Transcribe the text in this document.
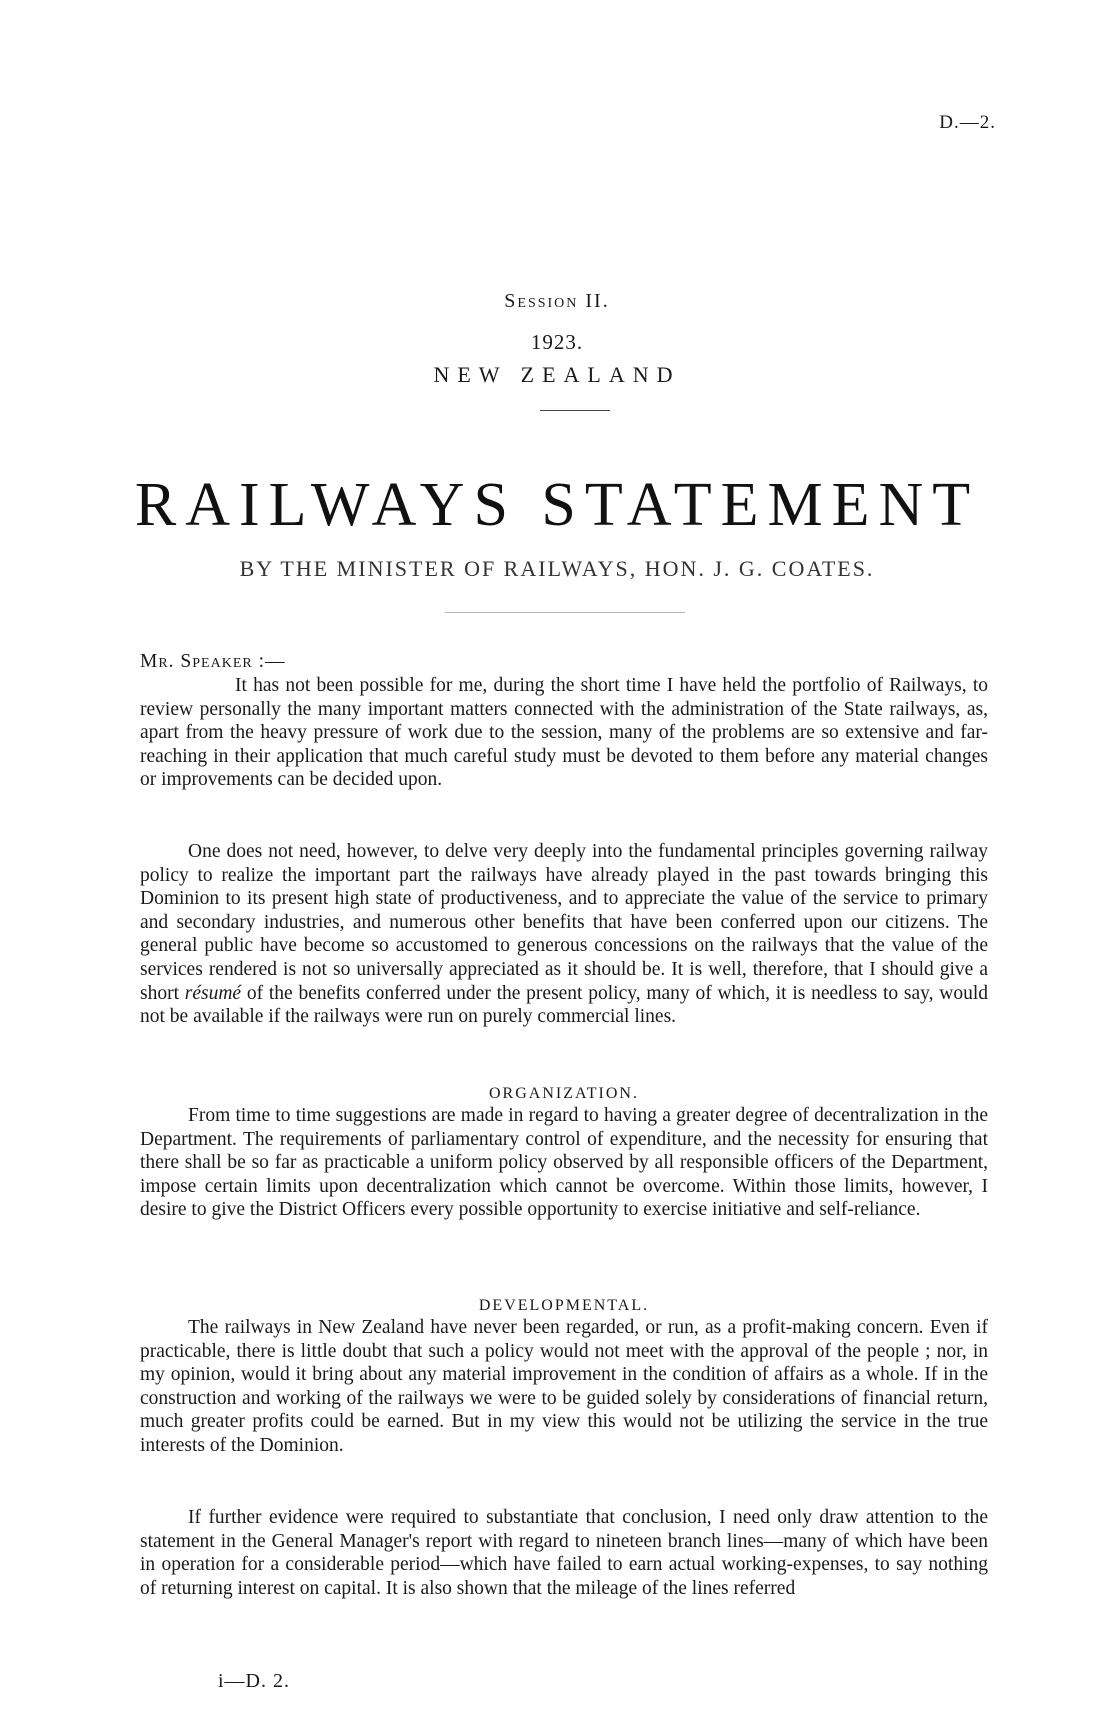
D.—2.
Session II.
1923.
NEW ZEALAND
RAILWAYS STATEMENT
BY THE MINISTER OF RAILWAYS, HON. J. G. COATES.
Mr. Speaker :—
It has not been possible for me, during the short time I have held the portfolio of Railways, to review personally the many important matters connected with the administration of the State railways, as, apart from the heavy pressure of work due to the session, many of the problems are so extensive and far-reaching in their application that much careful study must be devoted to them before any material changes or improvements can be decided upon.
One does not need, however, to delve very deeply into the fundamental principles governing railway policy to realize the important part the railways have already played in the past towards bringing this Dominion to its present high state of productiveness, and to appreciate the value of the service to primary and secondary industries, and numerous other benefits that have been conferred upon our citizens. The general public have become so accustomed to generous concessions on the railways that the value of the services rendered is not so universally appreciated as it should be. It is well, therefore, that I should give a short résumé of the benefits conferred under the present policy, many of which, it is needless to say, would not be available if the railways were run on purely commercial lines.
ORGANIZATION.
From time to time suggestions are made in regard to having a greater degree of decentralization in the Department. The requirements of parliamentary control of expenditure, and the necessity for ensuring that there shall be so far as practicable a uniform policy observed by all responsible officers of the Department, impose certain limits upon decentralization which cannot be overcome. Within those limits, however, I desire to give the District Officers every possible opportunity to exercise initiative and self-reliance.
DEVELOPMENTAL.
The railways in New Zealand have never been regarded, or run, as a profit-making concern. Even if practicable, there is little doubt that such a policy would not meet with the approval of the people ; nor, in my opinion, would it bring about any material improvement in the condition of affairs as a whole. If in the construction and working of the railways we were to be guided solely by considerations of financial return, much greater profits could be earned. But in my view this would not be utilizing the service in the true interests of the Dominion.
If further evidence were required to substantiate that conclusion, I need only draw attention to the statement in the General Manager's report with regard to nineteen branch lines—many of which have been in operation for a considerable period—which have failed to earn actual working-expenses, to say nothing of returning interest on capital. It is also shown that the mileage of the lines referred
i—D. 2.
